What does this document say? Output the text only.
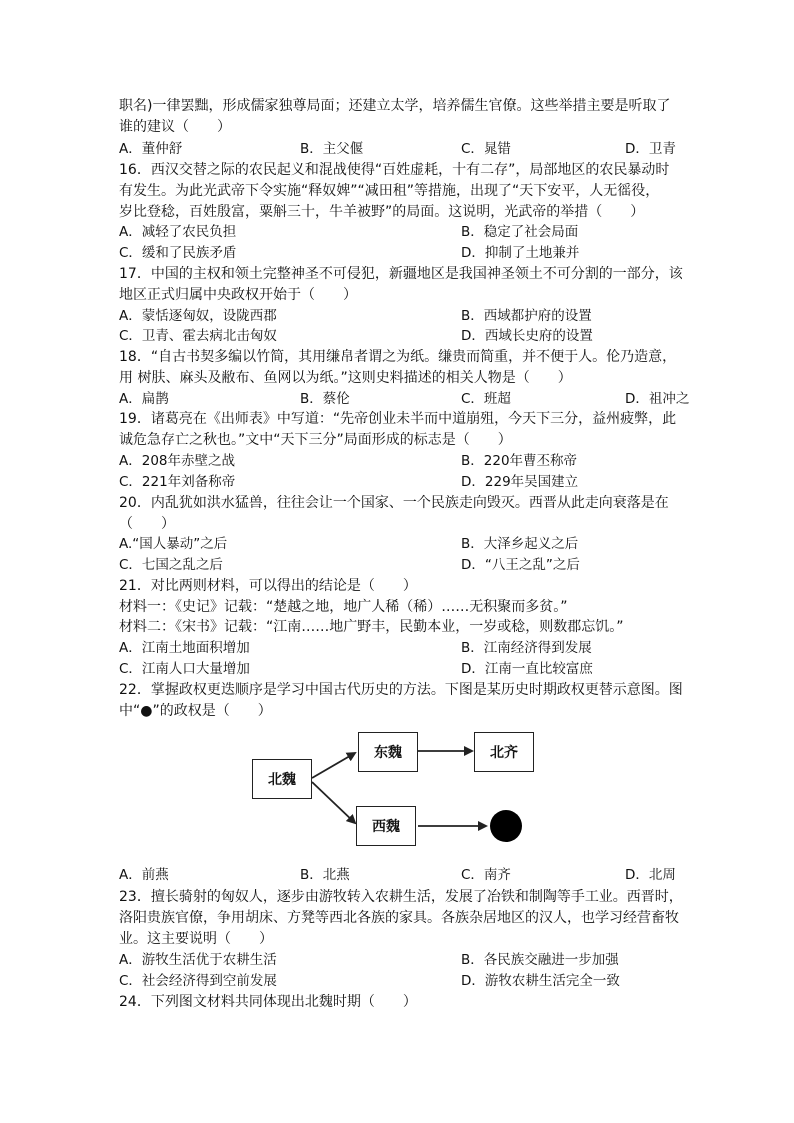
职名)一律罢黜，形成儒家独尊局面；还建立太学，培养儒生官僚。这些举措主要是听取了
谁的建议（　　）
A．董仲舒	B．主父偃	C．晁错	D．卫青
16．西汉交替之际的农民起义和混战使得“百姓虚耗，十有二存”，局部地区的农民暴动时
有发生。为此光武帝下令实施“释奴婢”“减田租”等措施，出现了“天下安平，人无徭役，
岁比登稔，百姓殷富，粟斛三十，牛羊被野”的局面。这说明，光武帝的举措（　　）
A．减轻了农民负担	B．稳定了社会局面
C．缓和了民族矛盾	D．抑制了土地兼并
17．中国的主权和领土完整神圣不可侵犯，新疆地区是我国神圣领土不可分割的一部分，该
地区正式归属中央政权开始于（　　）
A．蒙恬逐匈奴，设陇西郡	B．西域都护府的设置
C．卫青、霍去病北击匈奴	D．西域长史府的设置
18．“自古书契多编以竹简，其用缣帛者谓之为纸。缣贵而简重，并不便于人。伦乃造意，
用 树肤、麻头及敝布、鱼网以为纸。”这则史料描述的相关人物是（　　）
A．扁鹊	B．蔡伦	C．班超	D．祖冲之
19．诸葛亮在《出师表》中写道：“先帝创业未半而中道崩殂，今天下三分，益州疲弊，此
诚危急存亡之秋也。”文中“天下三分”局面形成的标志是（　　）
A．208年赤壁之战	B．220年曹丕称帝
C．221年刘备称帝	D．229年吴国建立
20．内乱犹如洪水猛兽，往往会让一个国家、一个民族走向毁灭。西晋从此走向衰落是在
（　　）
A.“国人暴动”之后	B．大泽乡起义之后
C．七国之乱之后	D．“八王之乱”之后
21．对比两则材料，可以得出的结论是（　　）
材料一：《史记》记载：“楚越之地，地广人稀（稀）……无积聚而多贫。”
材料二：《宋书》记载：“江南……地广野丰，民勤本业，一岁或稔，则数郡忘饥。”
A．江南土地面积增加	B．江南经济得到发展
C．江南人口大量增加	D．江南一直比较富庶
22．掌握政权更迭顺序是学习中国古代历史的方法。下图是某历史时期政权更替示意图。图
中“●”的政权是（　　）
北魏
东魏	北齐
西魏
A．前燕	B．北燕	C．南齐	D．北周
23．擅长骑射的匈奴人，逐步由游牧转入农耕生活，发展了冶铁和制陶等手工业。西晋时，
洛阳贵族官僚，争用胡床、方凳等西北各族的家具。各族杂居地区的汉人，也学习经营畜牧
业。这主要说明（　　）
A．游牧生活优于农耕生活	B．各民族交融进一步加强
C．社会经济得到空前发展	D．游牧农耕生活完全一致
24．下列图文材料共同体现出北魏时期（　　）
